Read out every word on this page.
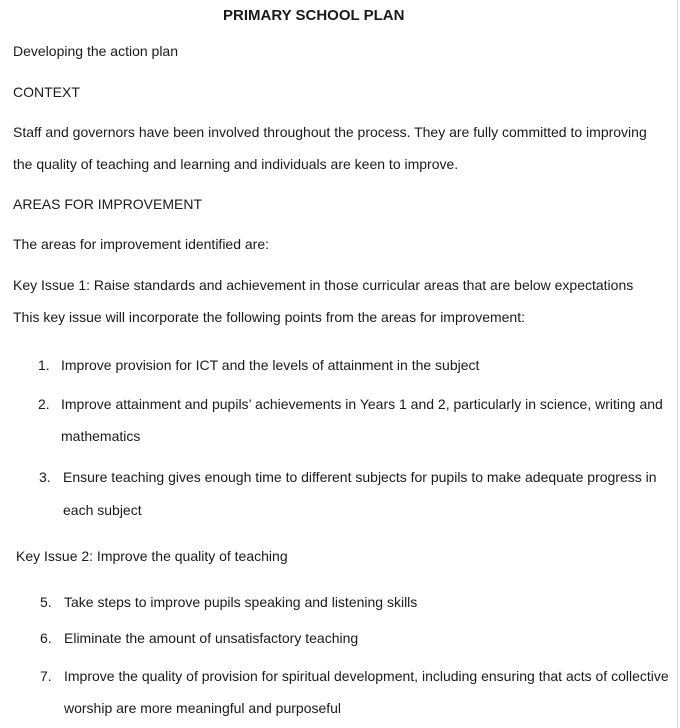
PRIMARY SCHOOL PLAN
Developing the action plan
CONTEXT
Staff and governors have been involved throughout the process. They are fully committed to improving
the quality of teaching and learning and individuals are keen to improve.
AREAS FOR IMPROVEMENT
The areas for improvement identified are:
Key Issue 1: Raise standards and achievement in those curricular areas that are below expectations
This key issue will incorporate the following points from the areas for improvement:
1. Improve provision for ICT and the levels of attainment in the subject
2. Improve attainment and pupils’ achievements in Years 1 and 2, particularly in science, writing and
mathematics
3. Ensure teaching gives enough time to different subjects for pupils to make adequate progress in
each subject
Key Issue 2: Improve the quality of teaching
5. Take steps to improve pupils speaking and listening skills
6. Eliminate the amount of unsatisfactory teaching
7. Improve the quality of provision for spiritual development, including ensuring that acts of collective
worship are more meaningful and purposeful
